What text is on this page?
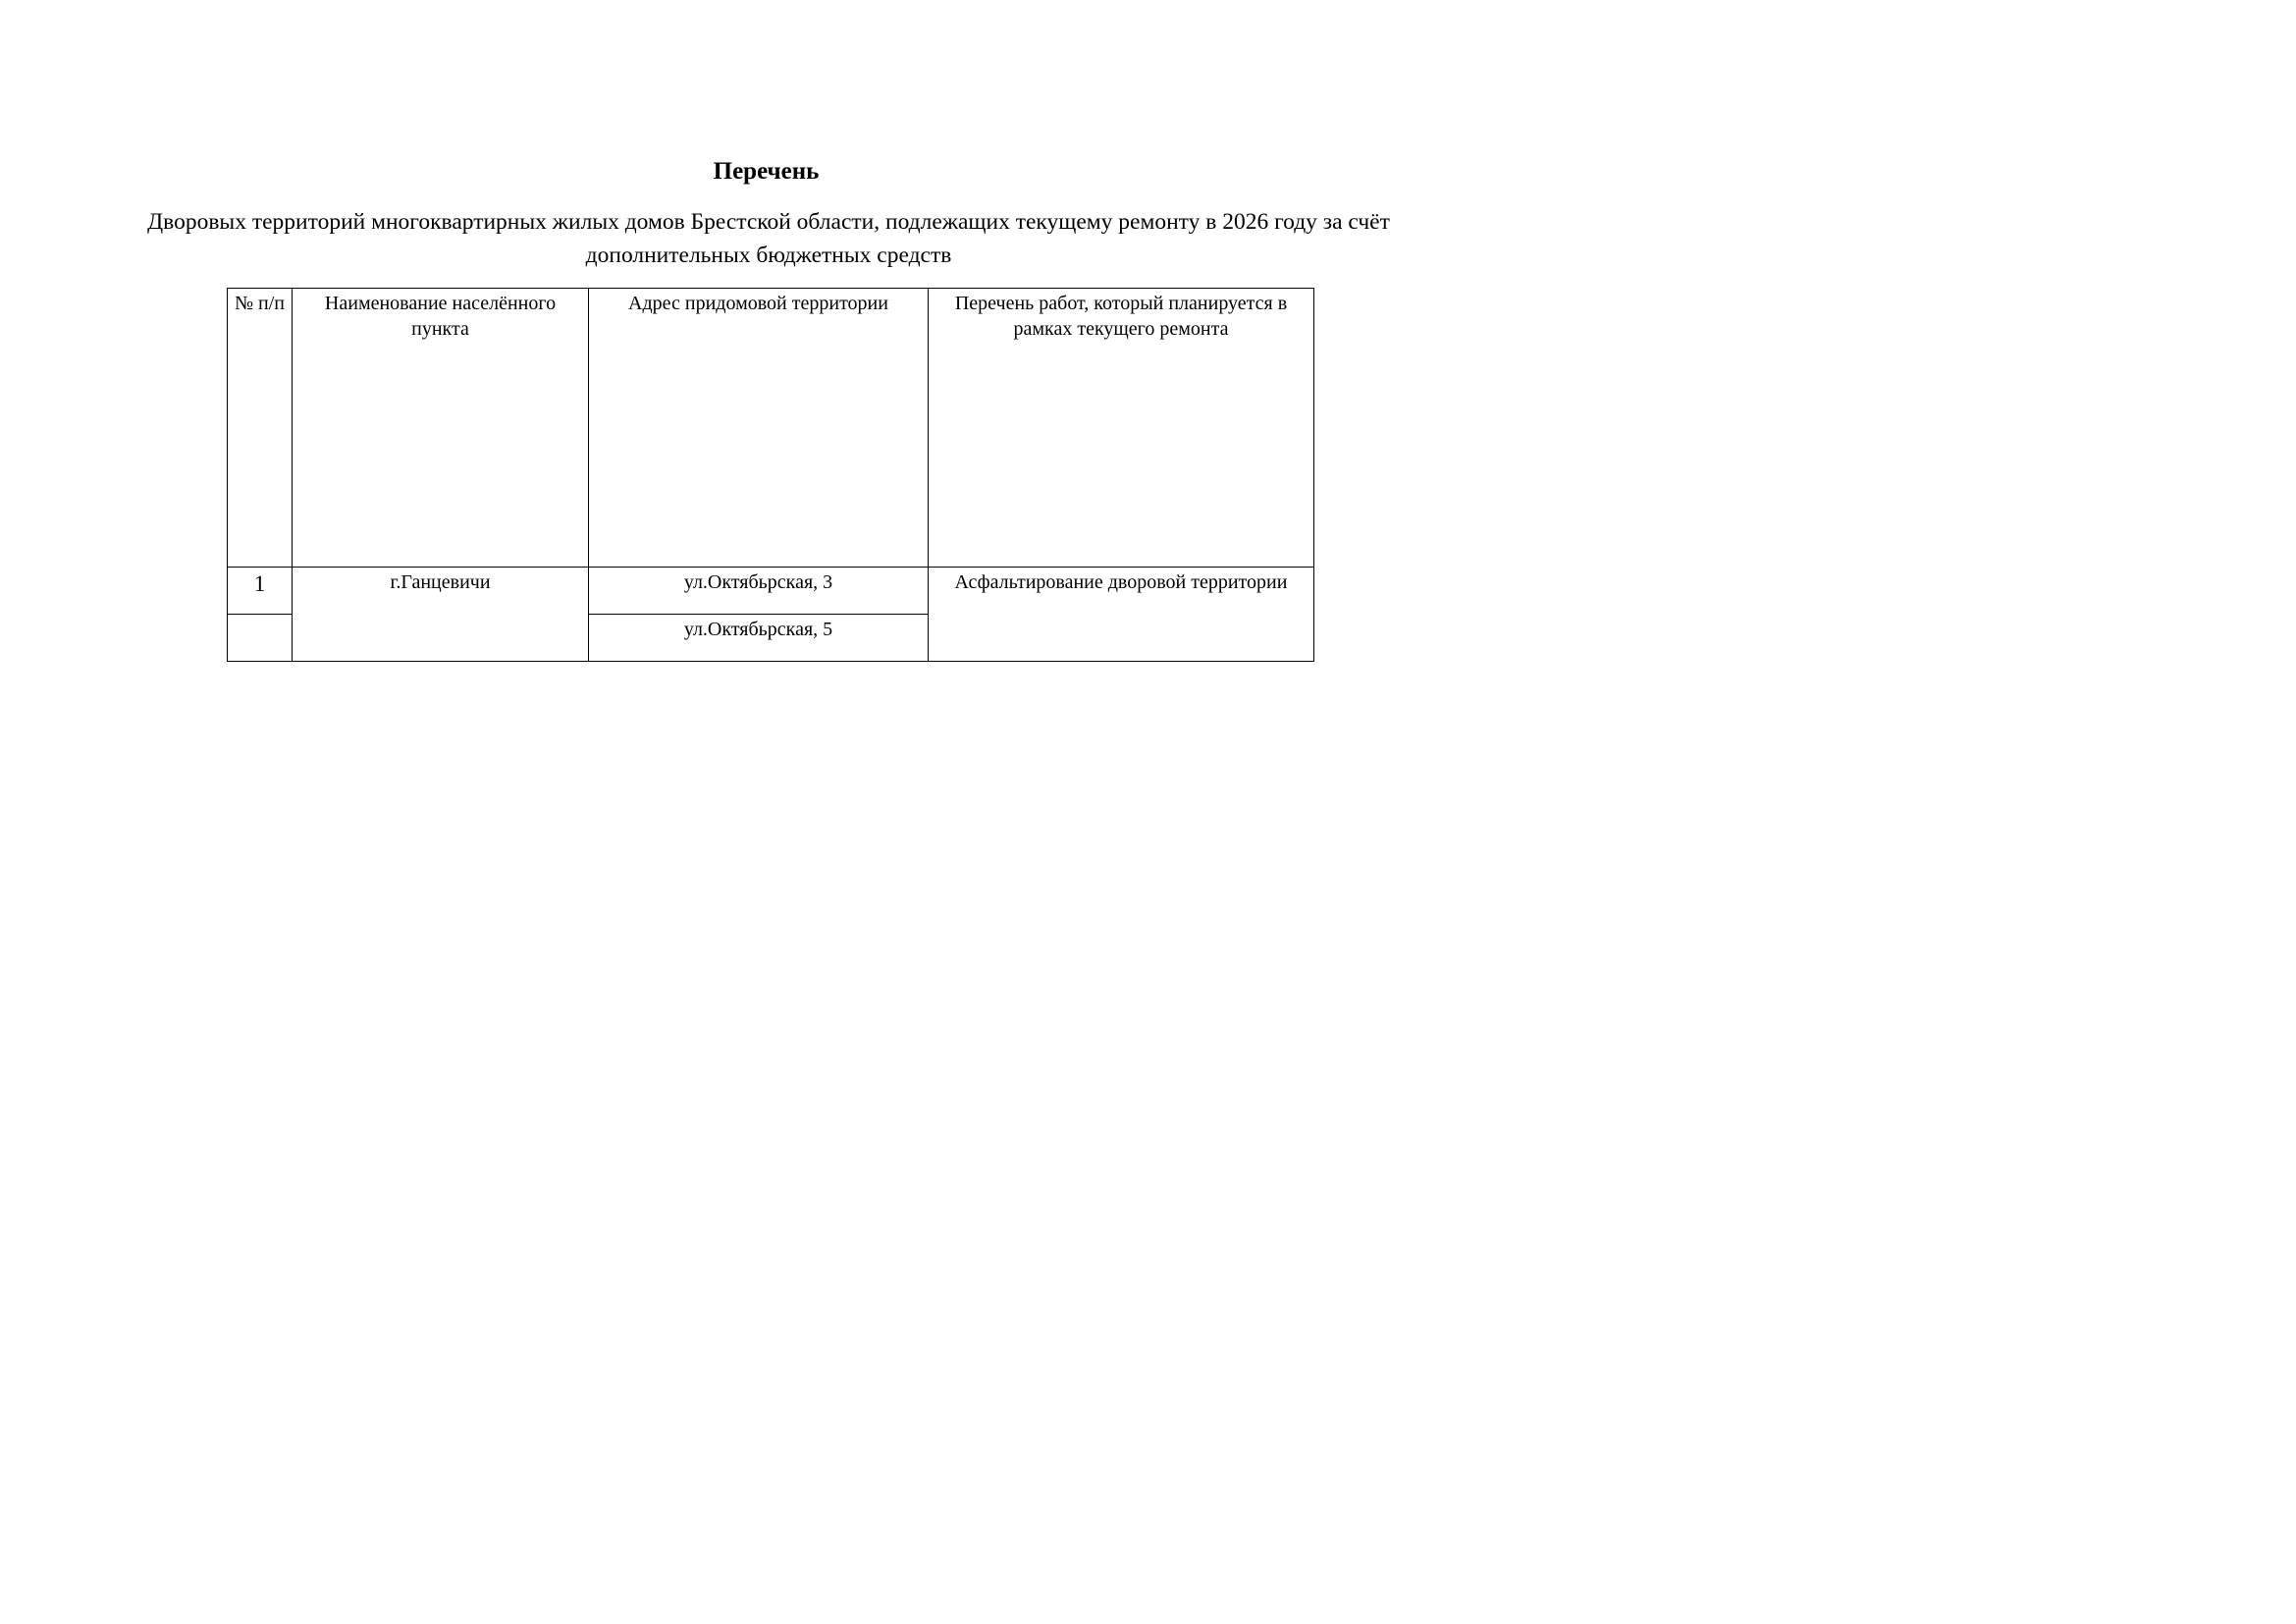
Перечень
Дворовых территорий многоквартирных жилых домов Брестской области, подлежащих текущему ремонту в 2026 году за счёт дополнительных бюджетных средств
№ п/п	Наименование населённого пункта	Адрес придомовой территории	Перечень работ, который планируется в рамках текущего ремонта

1	г.Ганцевичи	ул.Октябьрская, 3	Асфальтирование дворовой территории

		ул.Октябьрская, 5	
